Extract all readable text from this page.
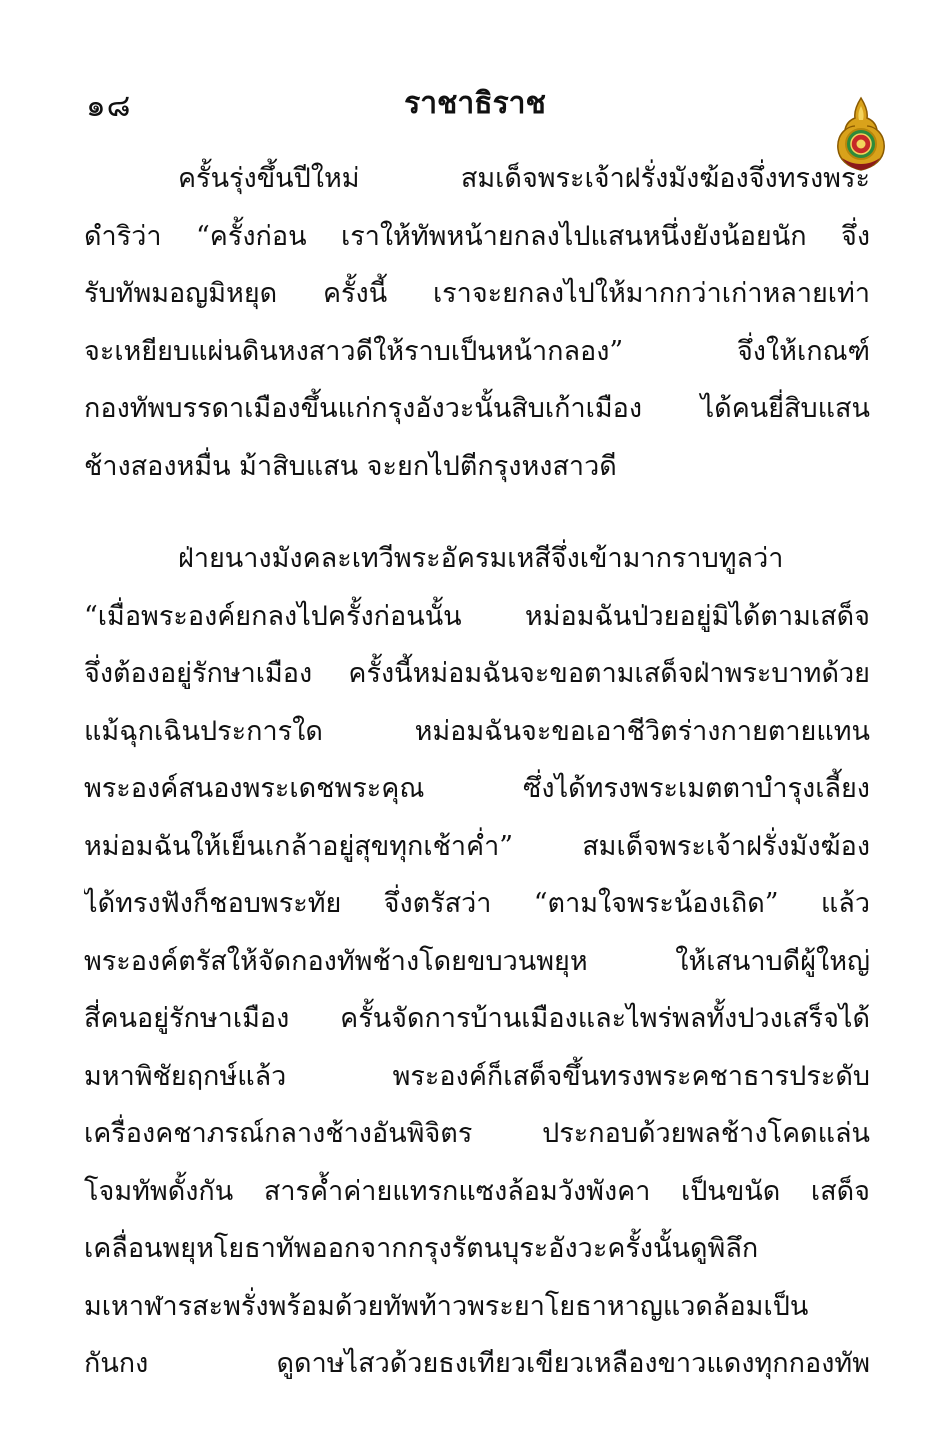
๑๘	ราชาธิราช
ครั้นรุ่งขึ้นปีใหม่ สมเด็จพระเจ้าฝรั่งมังฆ้องจึ่งทรงพระ
ดำริว่า “ครั้งก่อน เราให้ทัพหน้ายกลงไปแสนหนึ่งยังน้อยนัก จึ่ง
รับทัพมอญมิหยุด ครั้งนี้ เราจะยกลงไปให้มากกว่าเก่าหลายเท่า
จะเหยียบแผ่นดินหงสาวดีให้ราบเป็นหน้ากลอง” จึ่งให้เกณฑ์
กองทัพบรรดาเมืองขึ้นแก่กรุงอังวะนั้นสิบเก้าเมือง ได้คนยี่สิบแสน
ช้างสองหมื่น ม้าสิบแสน จะยกไปตีกรุงหงสาวดี
ฝ่ายนางมังคละเทวีพระอัครมเหสีจึ่งเข้ามากราบทูลว่า
“เมื่อพระองค์ยกลงไปครั้งก่อนนั้น หม่อมฉันป่วยอยู่มิได้ตามเสด็จ
จึ่งต้องอยู่รักษาเมือง ครั้งนี้หม่อมฉันจะขอตามเสด็จฝ่าพระบาทด้วย
แม้ฉุกเฉินประการใด หม่อมฉันจะขอเอาชีวิตร่างกายตายแทน
พระองค์สนองพระเดชพระคุณ ซึ่งได้ทรงพระเมตตาบำรุงเลี้ยง
หม่อมฉันให้เย็นเกล้าอยู่สุขทุกเช้าค่ำ” สมเด็จพระเจ้าฝรั่งมังฆ้อง
ได้ทรงฟังก็ชอบพระทัย จึ่งตรัสว่า “ตามใจพระน้องเถิด” แล้ว
พระองค์ตรัสให้จัดกองทัพช้างโดยขบวนพยุห ให้เสนาบดีผู้ใหญ่
สี่คนอยู่รักษาเมือง ครั้นจัดการบ้านเมืองและไพร่พลทั้งปวงเสร็จได้
มหาพิชัยฤกษ์แล้ว พระองค์ก็เสด็จขึ้นทรงพระคชาธารประดับ
เครื่องคชาภรณ์กลางช้างอันพิจิตร ประกอบด้วยพลช้างโคดแล่น
โจมทัพดั้งกัน สารค้ำค่ายแทรกแซงล้อมวังพังคา เป็นขนัด เสด็จ
เคลื่อนพยุหโยธาทัพออกจากกรุงรัตนบุระอังวะครั้งนั้นดูพิลึก
มเหาฬารสะพรั่งพร้อมด้วยทัพท้าวพระยาโยธาหาญแวดล้อมเป็น
กันกง ดูดาษไสวด้วยธงเทียวเขียวเหลืองขาวแดงทุกกองทัพ
